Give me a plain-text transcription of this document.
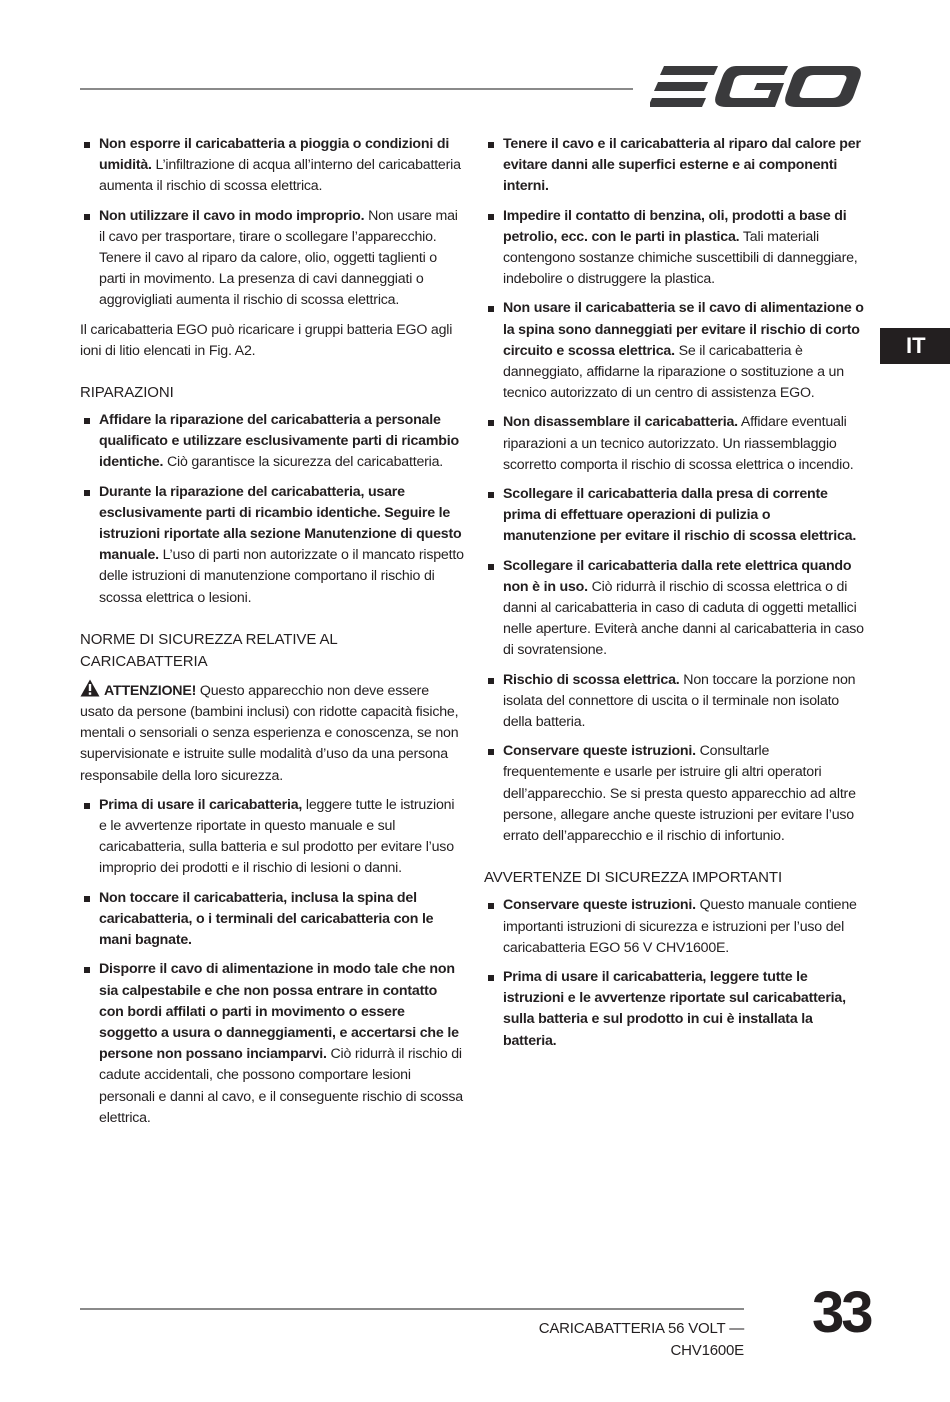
IT
Non esporre il caricabatteria a pioggia o condizioni di umidità. L’infiltrazione di acqua all’interno del caricabatteria aumenta il rischio di scossa elettrica.
Non utilizzare il cavo in modo improprio. Non usare mai il cavo per trasportare, tirare o scollegare l’apparecchio. Tenere il cavo al riparo da calore, olio, oggetti taglienti o parti in movimento. La presenza di cavi danneggiati o aggrovigliati aumenta il rischio di scossa elettrica.

Il caricabatteria EGO può ricaricare i gruppi batteria EGO agli ioni di litio elencati in Fig. A2.

RIPARAZIONI
Affidare la riparazione del caricabatteria a personale qualificato e utilizzare esclusivamente parti di ricambio identiche. Ciò garantisce la sicurezza del caricabatteria.
Durante la riparazione del caricabatteria, usare esclusivamente parti di ricambio identiche. Seguire le istruzioni riportate alla sezione Manutenzione di questo manuale. L’uso di parti non autorizzate o il mancato rispetto delle istruzioni di manutenzione comportano il rischio di scossa elettrica o lesioni.
NORME DI SICUREZZA RELATIVE AL CARICABATTERIA

ATTENZIONE! Questo apparecchio non deve essere usato da persone (bambini inclusi) con ridotte capacità fisiche, mentali o sensoriali o senza esperienza e conoscenza, se non supervisionate e istruite sulle modalità d’uso da una persona responsabile della loro sicurezza.

Prima di usare il caricabatteria, leggere tutte le istruzioni e le avvertenze riportate in questo manuale e sul caricabatteria, sulla batteria e sul prodotto per evitare l’uso improprio dei prodotti e il rischio di lesioni o danni.
Non toccare il caricabatteria, inclusa la spina del caricabatteria, o i terminali del caricabatteria con le mani bagnate.
Disporre il cavo di alimentazione in modo tale che non sia calpestabile e che non possa entrare in contatto con bordi affilati o parti in movimento o essere soggetto a usura o danneggiamenti, e accertarsi che le persone non possano inciamparvi. Ciò ridurrà il rischio di cadute accidentali, che possono comportare lesioni personali e danni al cavo, e il conseguente rischio di scossa elettrica.
Tenere il cavo e il caricabatteria al riparo dal calore per evitare danni alle superfici esterne e ai componenti interni.
Impedire il contatto di benzina, oli, prodotti a base di petrolio, ecc. con le parti in plastica. Tali materiali contengono sostanze chimiche suscettibili di danneggiare, indebolire o distruggere la plastica.
Non usare il caricabatteria se il cavo di alimentazione o la spina sono danneggiati per evitare il rischio di corto circuito e scossa elettrica. Se il caricabatteria è danneggiato, affidarne la riparazione o sostituzione a un tecnico autorizzato di un centro di assistenza EGO.
Non disassemblare il caricabatteria. Affidare eventuali riparazioni a un tecnico autorizzato. Un riassemblaggio scorretto comporta il rischio di scossa elettrica o incendio.
Scollegare il caricabatteria dalla presa di corrente prima di effettuare operazioni di pulizia o manutenzione per evitare il rischio di scossa elettrica.
Scollegare il caricabatteria dalla rete elettrica quando non è in uso. Ciò ridurrà il rischio di scossa elettrica o di danni al caricabatteria in caso di caduta di oggetti metallici nelle aperture. Eviterà anche danni al caricabatteria in caso di sovratensione.
Rischio di scossa elettrica. Non toccare la porzione non isolata del connettore di uscita o il terminale non isolato della batteria.
Conservare queste istruzioni. Consultarle frequentemente e usarle per istruire gli altri operatori dell’apparecchio. Se si presta questo apparecchio ad altre persone, allegare anche queste istruzioni per evitare l’uso errato dell’apparecchio e il rischio di infortunio.
AVVERTENZE DI SICUREZZA IMPORTANTI
Conservare queste istruzioni. Questo manuale contiene importanti istruzioni di sicurezza e istruzioni per l’uso del caricabatteria EGO 56 V CHV1600E.
Prima di usare il caricabatteria, leggere tutte le istruzioni e le avvertenze riportate sul caricabatteria, sulla batteria e sul prodotto in cui è installata la batteria.
CARICABATTERIA 56 VOLT — CHV1600E
33
